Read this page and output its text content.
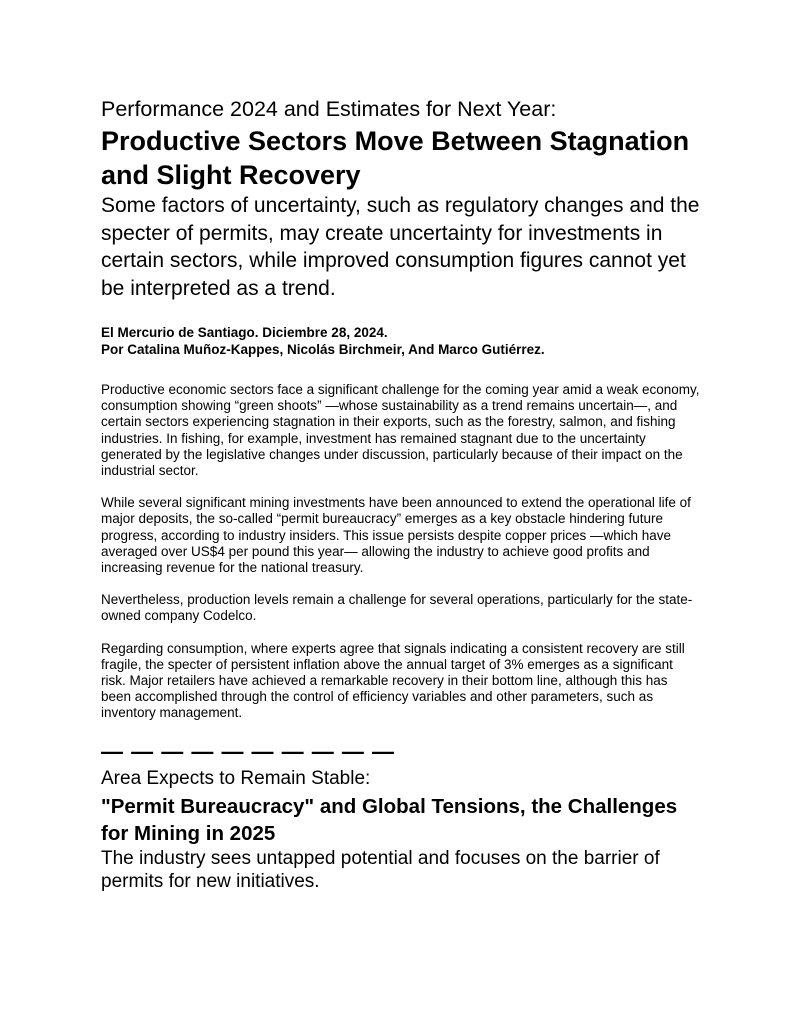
Performance 2024 and Estimates for Next Year:

Productive Sectors Move Between Stagnation and Slight Recovery

Some factors of uncertainty, such as regulatory changes and the specter of permits, may create uncertainty for investments in certain sectors, while improved consumption figures cannot yet be interpreted as a trend.

El Mercurio de Santiago. Diciembre 28, 2024.
Por Catalina Muñoz-Kappes, Nicolás Birchmeir, And Marco Gutiérrez.

Productive economic sectors face a significant challenge for the coming year amid a weak economy, consumption showing “green shoots” —whose sustainability as a trend remains uncertain—, and certain sectors experiencing stagnation in their exports, such as the forestry, salmon, and fishing industries. In fishing, for example, investment has remained stagnant due to the uncertainty generated by the legislative changes under discussion, particularly because of their impact on the industrial sector.

While several significant mining investments have been announced to extend the operational life of major deposits, the so-called “permit bureaucracy” emerges as a key obstacle hindering future progress, according to industry insiders. This issue persists despite copper prices —which have averaged over US$4 per pound this year— allowing the industry to achieve good profits and increasing revenue for the national treasury.

Nevertheless, production levels remain a challenge for several operations, particularly for the state-owned company Codelco.

Regarding consumption, where experts agree that signals indicating a consistent recovery are still fragile, the specter of persistent inflation above the annual target of 3% emerges as a significant risk. Major retailers have achieved a remarkable recovery in their bottom line, although this has been accomplished through the control of efficiency variables and other parameters, such as inventory management.

— — — — — — — — — —

Area Expects to Remain Stable:

"Permit Bureaucracy" and Global Tensions, the Challenges for Mining in 2025

The industry sees untapped potential and focuses on the barrier of permits for new initiatives.
